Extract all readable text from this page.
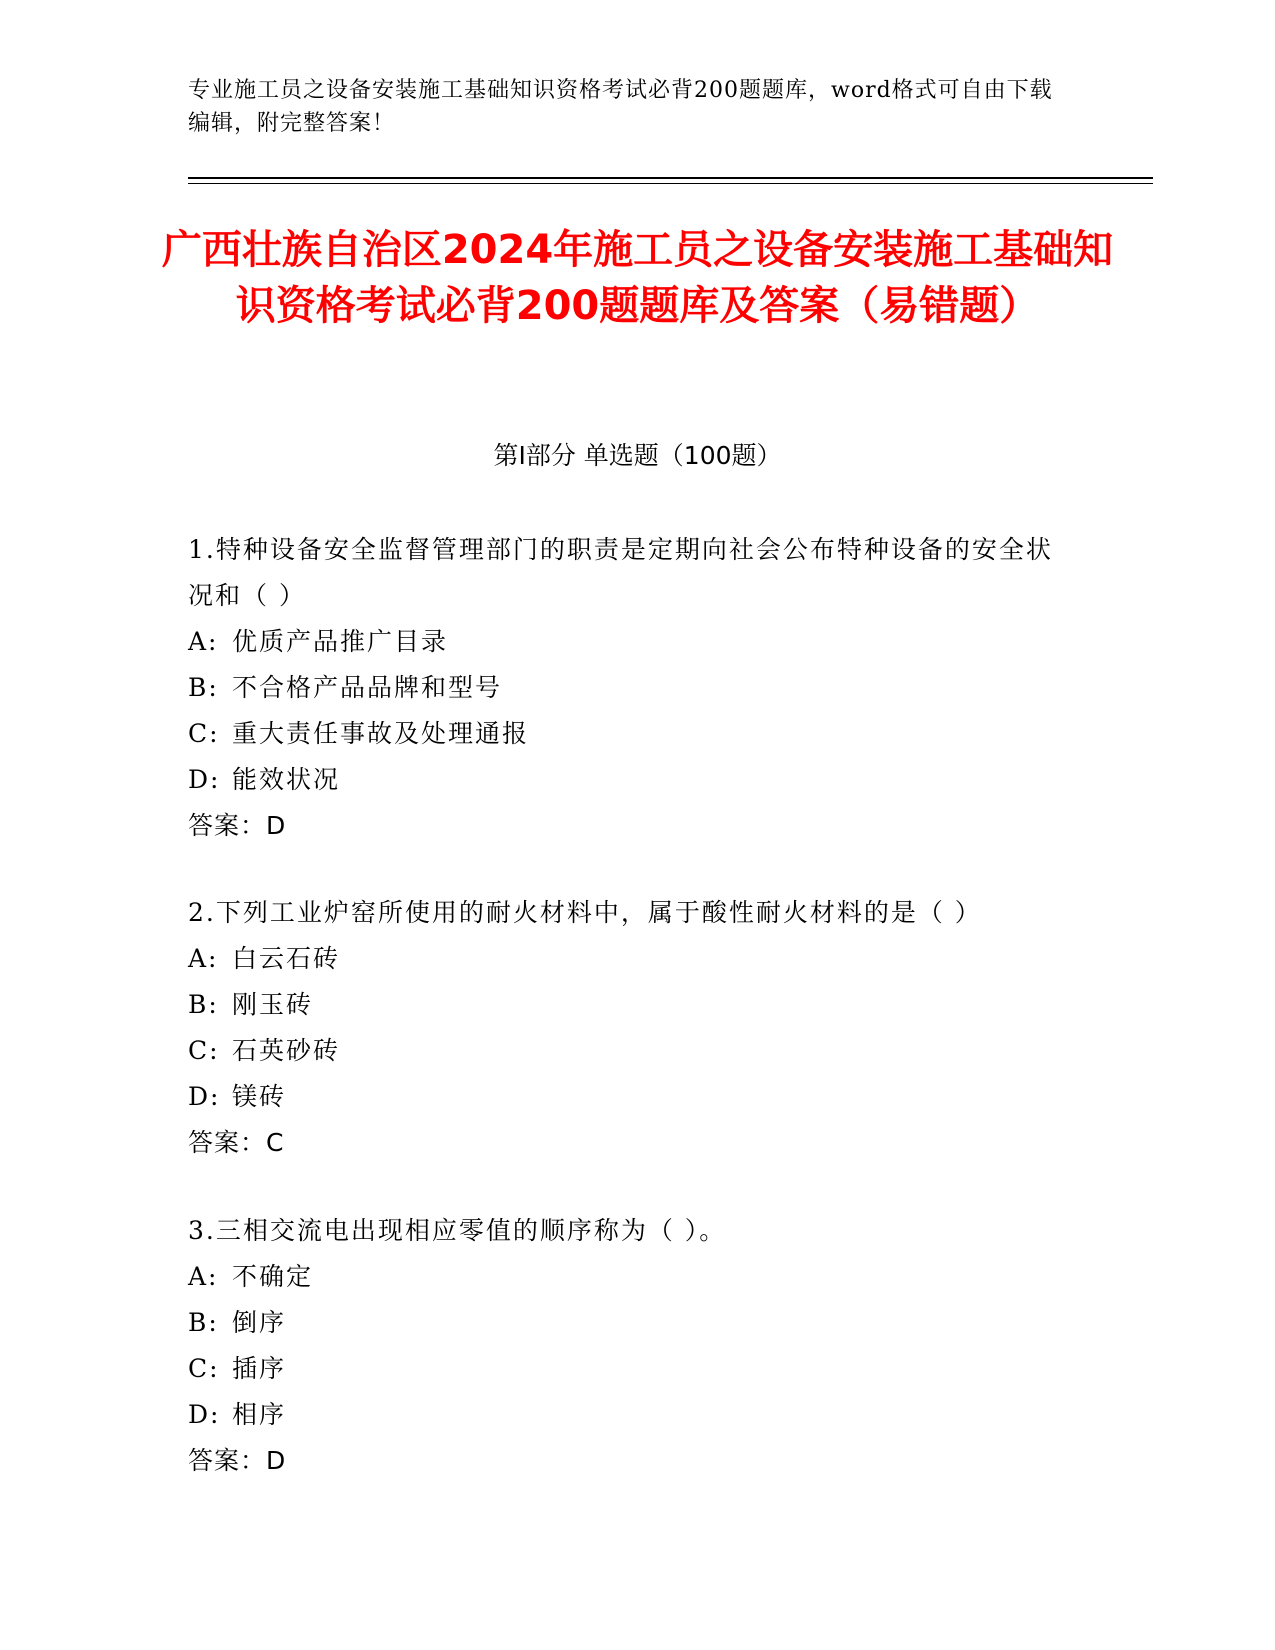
专业施工员之设备安装施工基础知识资格考试必背200题题库，word格式可自由下载编辑，附完整答案！
广西壮族自治区2024年施工员之设备安装施工基础知识资格考试必背200题题库及答案（易错题）
第Ⅰ部分 单选题（100题）
1.特种设备安全监督管理部门的职责是定期向社会公布特种设备的安全状况和（ ）
A: 优质产品推广目录
B: 不合格产品品牌和型号
C: 重大责任事故及处理通报
D: 能效状况
答案：D
2.下列工业炉窑所使用的耐火材料中，属于酸性耐火材料的是（ ）
A: 白云石砖
B: 刚玉砖
C: 石英砂砖
D: 镁砖
答案：C
3.三相交流电出现相应零值的顺序称为（ ）。
A: 不确定
B: 倒序
C: 插序
D: 相序
答案：D
